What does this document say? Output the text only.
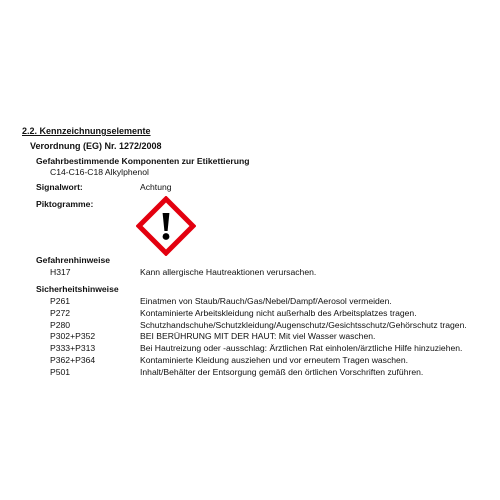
2.2. Kennzeichnungselemente
Verordnung (EG) Nr. 1272/2008
Gefahrbestimmende Komponenten zur Etikettierung
C14-C16-C18 Alkylphenol
Signalwort:	Achtung
Piktogramme:
Gefahrenhinweise
H317	Kann allergische Hautreaktionen verursachen.
Sicherheitshinweise
P261	Einatmen von Staub/Rauch/Gas/Nebel/Dampf/Aerosol vermeiden.
P272	Kontaminierte Arbeitskleidung nicht außerhalb des Arbeitsplatzes tragen.
P280	Schutzhandschuhe/Schutzkleidung/Augenschutz/Gesichtsschutz/Gehörschutz tragen.
P302+P352	BEI BERÜHRUNG MIT DER HAUT: Mit viel Wasser waschen.
P333+P313	Bei Hautreizung oder -ausschlag: Ärztlichen Rat einholen/ärztliche Hilfe hinzuziehen.
P362+P364	Kontaminierte Kleidung ausziehen und vor erneutem Tragen waschen.
P501	Inhalt/Behälter der Entsorgung gemäß den örtlichen Vorschriften zuführen.
